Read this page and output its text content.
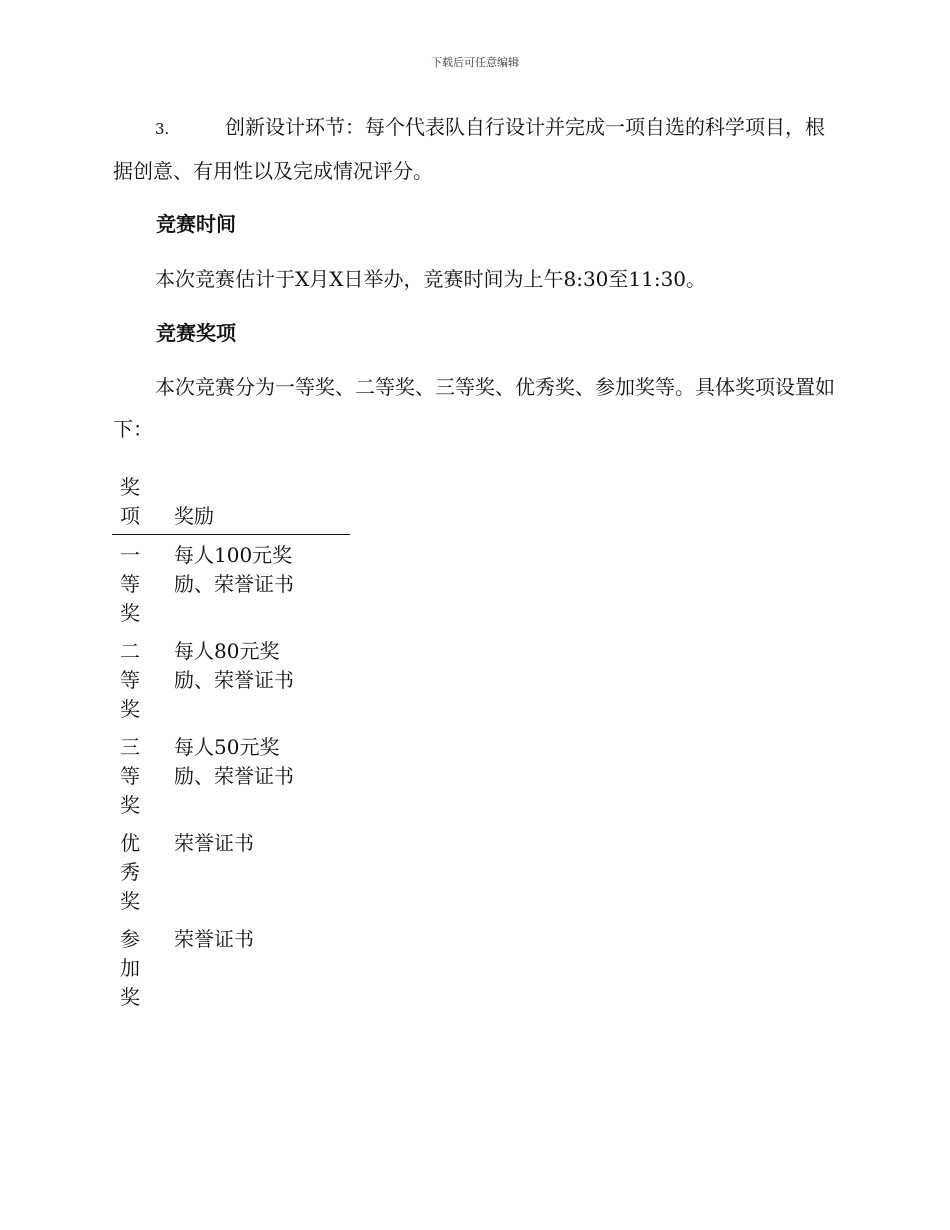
下载后可任意编辑

3.	创新设计环节：每个代表队自行设计并完成一项自选的科学项目，根据创意、有用性以及完成情况评分。

竞赛时间

本次竞赛估计于X月X日举办，竞赛时间为上午8:30至11:30。

竞赛奖项

本次竞赛分为一等奖、二等奖、三等奖、优秀奖、参加奖等。具体奖项设置如下：

奖项	奖励
一等奖	每人100元奖励、荣誉证书
二等奖	每人80元奖励、荣誉证书
三等奖	每人50元奖励、荣誉证书
优秀奖	荣誉证书
参加奖	荣誉证书
